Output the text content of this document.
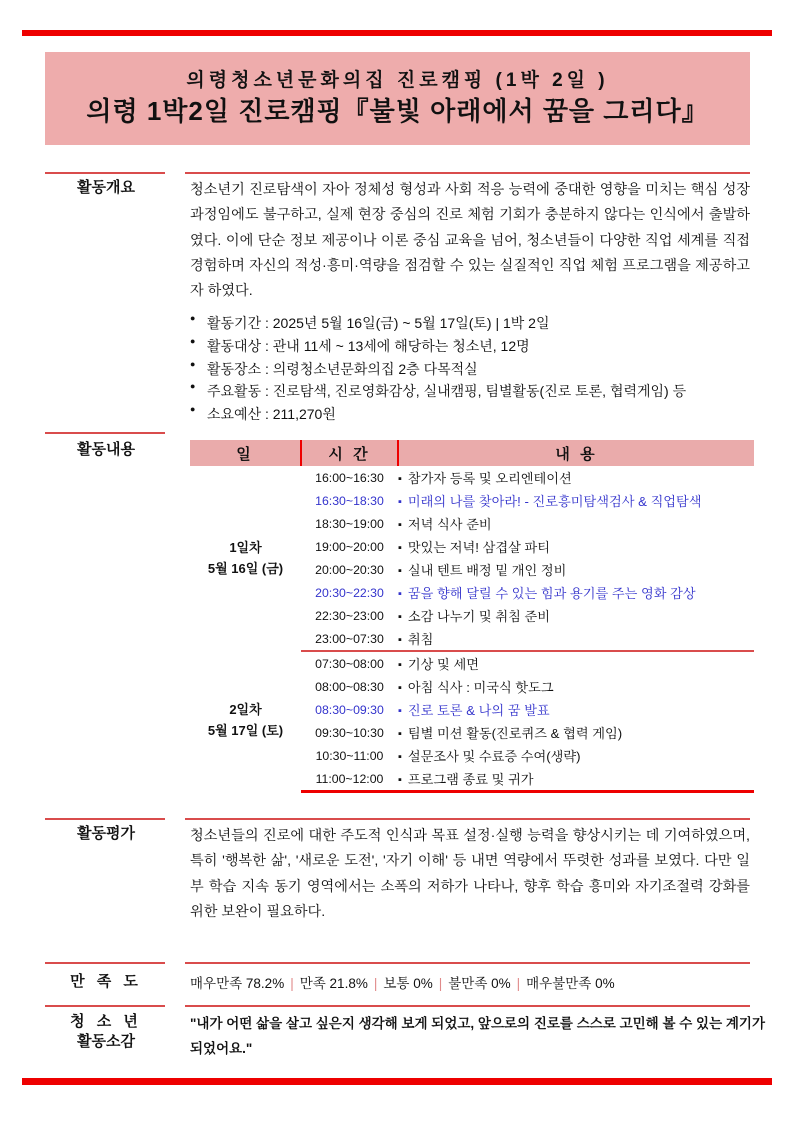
의령청소년문화의집 진로캠핑 (1박 2일 )
의령 1박2일 진로캠핑『불빛 아래에서 꿈을 그리다』
활동개요	청소년기 진로탐색이 자아 정체성 형성과 사회 적응 능력에 중대한 영향을 미치는 핵심 성장 과정임에도 불구하고, 실제 현장 중심의 진로 체험 기회가 충분하지 않다는 인식에서 출발하였다. 이에 단순 정보 제공이나 이론 중심 교육을 넘어, 청소년들이 다양한 직업 세계를 직접 경험하며 자신의 적성·흥미·역량을 점검할 수 있는 실질적인 직업 체험 프로그램을 제공하고자 하였다.

● 활동기간 : 2025년 5월 16일(금) ~ 5월 17일(토) | 1박 2일
● 활동대상 : 관내 11세 ~ 13세에 해당하는 청소년, 12명
● 활동장소 : 의령청소년문화의집 2층 다목적실
● 주요활동 : 진로탐색, 진로영화감상, 실내캠핑, 팀별활동(진로 토론, 협력게임) 등
● 소요예산 : 211,270원
활동내용	일	시 간	내 용

1일차
5월 16일 (금)	16:00~16:30	▪ 참가자 등록 및 오리엔테이션
	16:30~18:30	▪ 미래의 나를 찾아라! - 진로흥미탐색검사 & 직업탐색
	18:30~19:00	▪ 저녁 식사 준비
	19:00~20:00	▪ 맛있는 저녁! 삼겹살 파티
	20:00~20:30	▪ 실내 텐트 배정 밑 개인 정비
	20:30~22:30	▪ 꿈을 향해 달릴 수 있는 힘과 용기를 주는 영화 감상
	22:30~23:00	▪ 소감 나누기 및 취침 준비
	23:00~07:30	▪ 취침

2일차
5월 17일 (토)	07:30~08:00	▪ 기상 및 세면
	08:00~08:30	▪ 아침 식사 : 미국식 핫도그
	08:30~09:30	▪ 진로 토론 & 나의 꿈 발표
	09:30~10:30	▪ 팀별 미션 활동(진로퀴즈 & 협력 게임)
	10:30~11:00	▪ 설문조사 및 수료증 수여(생략)
	11:00~12:00	▪ 프로그램 종료 및 귀가
활동평가	청소년들의 진로에 대한 주도적 인식과 목표 설정·실행 능력을 향상시키는 데 기여하였으며, 특히 '행복한 삶', '새로운 도전', '자기 이해' 등 내면 역량에서 뚜렷한 성과를 보였다. 다만 일부 학습 지속 동기 영역에서는 소폭의 저하가 나타나, 향후 학습 흥미와 자기조절력 강화를 위한 보완이 필요하다.

만 족 도	매우만족 78.2% | 만족 21.8% | 보통 0% | 불만족 0% | 매우불만족 0%
청 소 년
활동소감

"내가 어떤 삶을 살고 싶은지 생각해 보게 되었고, 앞으로의 진로를 스스로 고민해 볼 수 있는 계기가 되었어요."
